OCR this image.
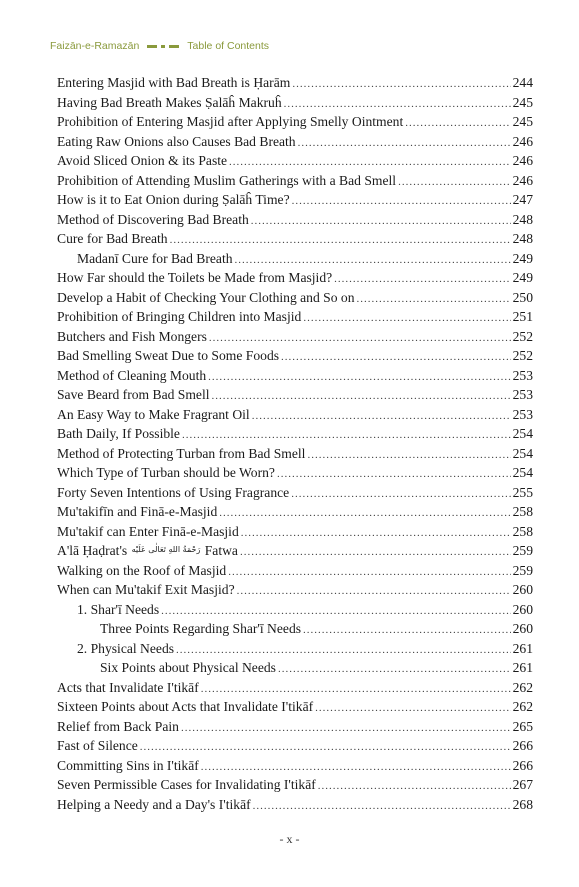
Faizān-e-Ramazān	Table of Contents
Entering Masjid with Bad Breath is Ḥarām .....	244
Having Bad Breath Makes Ṣalāĥ Makruĥ .....	245
Prohibition of Entering Masjid after Applying Smelly Ointment .....	245
Eating Raw Onions also Causes Bad Breath .....	246
Avoid Sliced Onion & its Paste .....	246
Prohibition of Attending Muslim Gatherings with a Bad Smell .....	246
How is it to Eat Onion during Ṣalāĥ Time? .....	247
Method of Discovering Bad Breath .....	248
Cure for Bad Breath .....	248
Madanī Cure for Bad Breath .....	249
How Far should the Toilets be Made from Masjid? .....	249
Develop a Habit of Checking Your Clothing and So on .....	250
Prohibition of Bringing Children into Masjid .....	251
Butchers and Fish Mongers .....	252
Bad Smelling Sweat Due to Some Foods .....	252
Method of Cleaning Mouth .....	253
Save Beard from Bad Smell .....	253
An Easy Way to Make Fragrant Oil .....	253
Bath Daily, If Possible .....	254
Method of Protecting Turban from Bad Smell .....	254
Which Type of Turban should be Worn? .....	254
Forty Seven Intentions of Using Fragrance .....	255
Mu'takifīn and Finā-e-Masjid .....	258
Mu'takif can Enter Finā-e-Masjid .....	258
A'lā Ḥaḍrat's $^{رَحْمَةُ اللهِ تَعَالٰی عَلَیْه}$ Fatwa .....	259
Walking on the Roof of Masjid .....	259
When can Mu'takif Exit Masjid? .....	260
1. Shar'ī Needs .....	260
Three Points Regarding Shar'ī Needs .....	260
2. Physical Needs .....	261
Six Points about Physical Needs .....	261
Acts that Invalidate I'tikāf .....	262
Sixteen Points about Acts that Invalidate I'tikāf .....	262
Relief from Back Pain .....	265
Fast of Silence .....	266
Committing Sins in I'tikāf .....	266
Seven Permissible Cases for Invalidating I'tikāf .....	267
Helping a Needy and a Day's I'tikāf .....	268
- x -
